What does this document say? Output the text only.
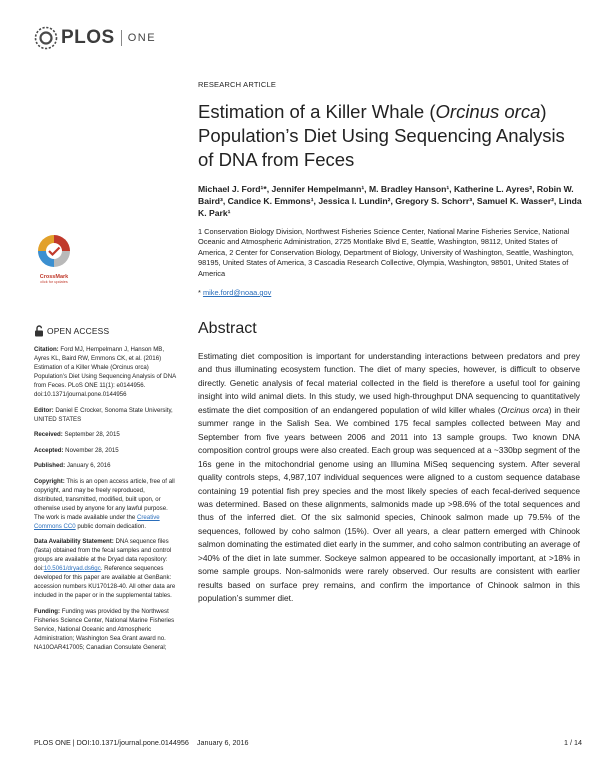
PLOS ONE
RESEARCH ARTICLE
Estimation of a Killer Whale (Orcinus orca) Population’s Diet Using Sequencing Analysis of DNA from Feces
Michael J. Ford¹*, Jennifer Hempelmann¹, M. Bradley Hanson¹, Katherine L. Ayres², Robin W. Baird³, Candice K. Emmons¹, Jessica I. Lundin², Gregory S. Schorr³, Samuel K. Wasser², Linda K. Park¹
1 Conservation Biology Division, Northwest Fisheries Science Center, National Marine Fisheries Service, National Oceanic and Atmospheric Administration, 2725 Montlake Blvd E, Seattle, Washington, 98112, United States of America, 2 Center for Conservation Biology, Department of Biology, University of Washington, Seattle, Washington, 98195, United States of America, 3 Cascadia Research Collective, Olympia, Washington, 98501, United States of America
* mike.ford@noaa.gov
CrossMark
click for updates
OPEN ACCESS

Citation: Ford MJ, Hempelmann J, Hanson MB, Ayres KL, Baird RW, Emmons CK, et al. (2016) Estimation of a Killer Whale (Orcinus orca) Population’s Diet Using Sequencing Analysis of DNA from Feces. PLoS ONE 11(1): e0144956. doi:10.1371/journal.pone.0144956

Editor: Daniel E Crocker, Sonoma State University, UNITED STATES

Received: September 28, 2015

Accepted: November 28, 2015

Published: January 6, 2016

Copyright: This is an open access article, free of all copyright, and may be freely reproduced, distributed, transmitted, modified, built upon, or otherwise used by anyone for any lawful purpose. The work is made available under the Creative Commons CC0 public domain dedication.

Data Availability Statement: DNA sequence files (fasta) obtained from the fecal samples and control groups are available at the Dryad data repository: doi:10.5061/dryad.ds6gc. Reference sequences developed for this paper are available at GenBank: accession numbers KU170128-40. All other data are included in the paper or in the supplemental tables.

Funding: Funding was provided by the Northwest Fisheries Science Center, National Marine Fisheries Service, National Oceanic and Atmospheric Administration; Washington Sea Grant award no. NA10OAR417005; Canadian Consulate General;

Abstract
Estimating diet composition is important for understanding interactions between predators and prey and thus illuminating ecosystem function. The diet of many species, however, is difficult to observe directly. Genetic analysis of fecal material collected in the field is therefore a useful tool for gaining insight into wild animal diets. In this study, we used high-throughput DNA sequencing to quantitatively estimate the diet composition of an endangered population of wild killer whales (Orcinus orca) in their summer range in the Salish Sea. We combined 175 fecal samples collected between May and September from five years between 2006 and 2011 into 13 sample groups. Two known DNA composition control groups were also created. Each group was sequenced at a ~330bp segment of the 16s gene in the mitochondrial genome using an Illumina MiSeq sequencing system. After several quality controls steps, 4,987,107 individual sequences were aligned to a custom sequence database containing 19 potential fish prey species and the most likely species of each fecal-derived sequence was determined. Based on these alignments, salmonids made up >98.6% of the total sequences and thus of the inferred diet. Of the six salmonid species, Chinook salmon made up 79.5% of the sequences, followed by coho salmon (15%). Over all years, a clear pattern emerged with Chinook salmon dominating the estimated diet early in the summer, and coho salmon contributing an average of >40% of the diet in late summer. Sockeye salmon appeared to be occasionally important, at >18% in some sample groups. Non-salmonids were rarely observed. Our results are consistent with earlier results based on surface prey remains, and confirm the importance of Chinook salmon in this population’s summer diet.
PLOS ONE | DOI:10.1371/journal.pone.0144956    January 6, 2016	1 / 14
